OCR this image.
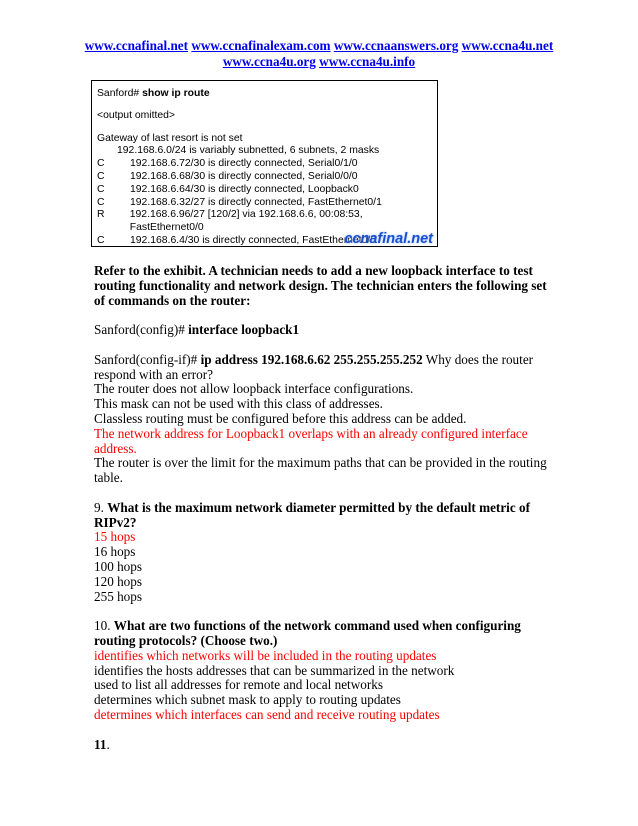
www.ccnafinal.net www.ccnafinalexam.com www.ccnaanswers.org www.ccna4u.net
www.ccna4u.org www.ccna4u.info
Sanford# show ip route
<output omitted>
Gateway of last resort is not set
192.168.6.0/24 is variably subnetted, 6 subnets, 2 masks
C	192.168.6.72/30 is directly connected, Serial0/1/0
C	192.168.6.68/30 is directly connected, Serial0/0/0
C	192.168.6.64/30 is directly connected, Loopback0
C	192.168.6.32/27 is directly connected, FastEthernet0/1
R	192.168.6.96/27 [120/2] via 192.168.6.6, 00:08:53, FastEthernet0/0
C	192.168.6.4/30 is directly connected, FastEthernet0/0
ccnafinal.net

Refer to the exhibit. A technician needs to add a new loopback interface to test routing functionality and network design. The technician enters the following set of commands on the router:

Sanford(config)# interface loopback1

Sanford(config-if)# ip address 192.168.6.62 255.255.255.252 Why does the router respond with an error?

The router does not allow loopback interface configurations.

This mask can not be used with this class of addresses.

Classless routing must be configured before this address can be added.

The network address for Loopback1 overlaps with an already configured interface address.

The router is over the limit for the maximum paths that can be provided in the routing table.

9. What is the maximum network diameter permitted by the default metric of RIPv2?

15 hops

16 hops

100 hops

120 hops

255 hops

10. What are two functions of the network command used when configuring routing protocols? (Choose two.)

identifies which networks will be included in the routing updates

identifies the hosts addresses that can be summarized in the network

used to list all addresses for remote and local networks

determines which subnet mask to apply to routing updates

determines which interfaces can send and receive routing updates

11.
